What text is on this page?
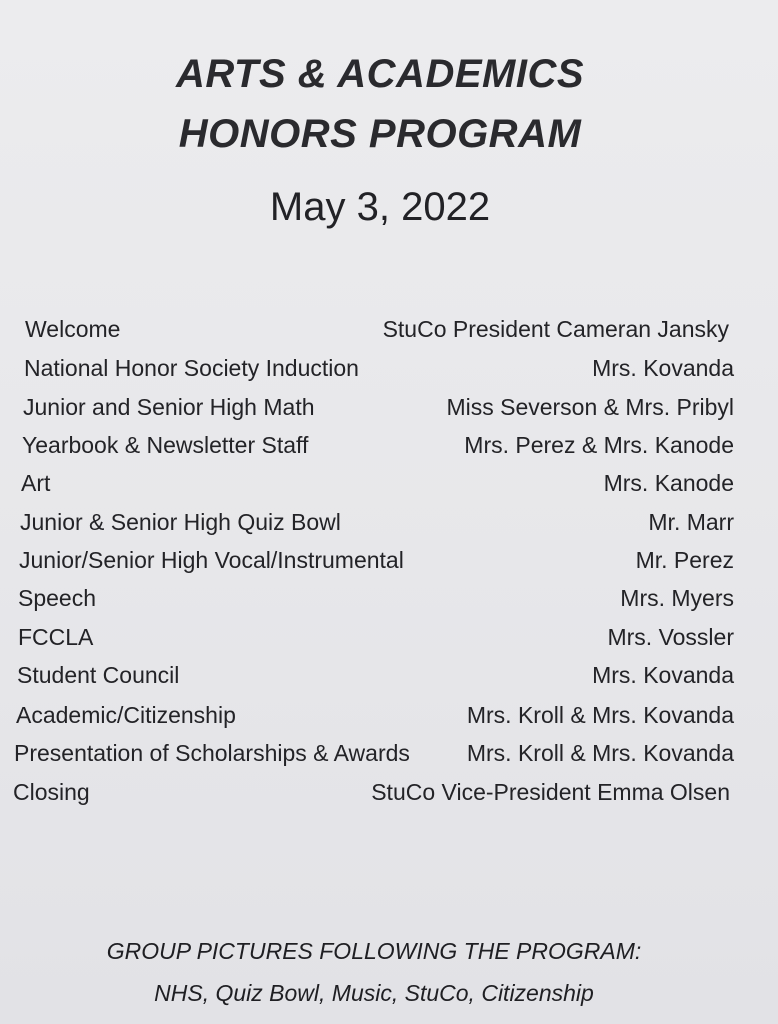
ARTS & ACADEMICS
HONORS PROGRAM
May 3, 2022
Welcome	StuCo President Cameran Jansky
National Honor Society Induction	Mrs. Kovanda
Junior and Senior High Math	Miss Severson & Mrs. Pribyl
Yearbook & Newsletter Staff	Mrs. Perez & Mrs. Kanode
Art	Mrs. Kanode
Junior & Senior High Quiz Bowl	Mr. Marr
Junior/Senior High Vocal/Instrumental	Mr. Perez
Speech	Mrs. Myers
FCCLA	Mrs. Vossler
Student Council	Mrs. Kovanda
Academic/Citizenship	Mrs. Kroll & Mrs. Kovanda
Presentation of Scholarships & Awards Mrs. Kroll & Mrs. Kovanda
Closing	StuCo Vice-President Emma Olsen
GROUP PICTURES FOLLOWING THE PROGRAM:
NHS, Quiz Bowl, Music, StuCo, Citizenship
